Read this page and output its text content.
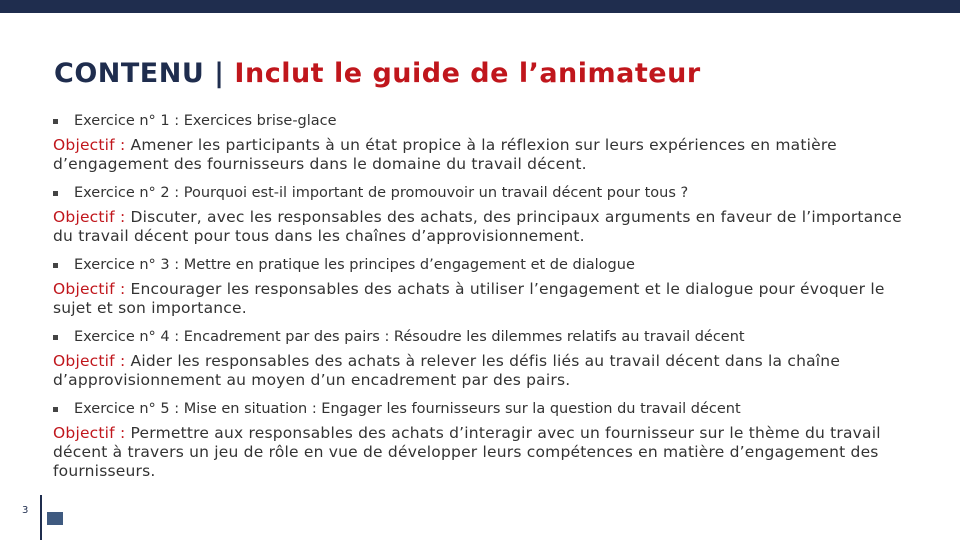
CONTENU | Inclut le guide de l’animateur

Exercice n° 1 : Exercices brise-glace

Objectif : Amener les participants à un état propice à la réflexion sur leurs expériences en matière d’engagement des fournisseurs dans le domaine du travail décent.

Exercice n° 2 : Pourquoi est-il important de promouvoir un travail décent pour tous ?

Objectif : Discuter, avec les responsables des achats, des principaux arguments en faveur de l’importance du travail décent pour tous dans les chaînes d’approvisionnement.

Exercice n° 3 : Mettre en pratique les principes d’engagement et de dialogue

Objectif : Encourager les responsables des achats à utiliser l’engagement et le dialogue pour évoquer le sujet et son importance.

Exercice n° 4 : Encadrement par des pairs : Résoudre les dilemmes relatifs au travail décent

Objectif : Aider les responsables des achats à relever les défis liés au travail décent dans la chaîne d’approvisionnement au moyen d’un encadrement par des pairs.

Exercice n° 5 : Mise en situation : Engager les fournisseurs sur la question du travail décent

Objectif : Permettre aux responsables des achats d’interagir avec un fournisseur sur le thème du travail décent à travers un jeu de rôle en vue de développer leurs compétences en matière d’engagement des fournisseurs.

3
